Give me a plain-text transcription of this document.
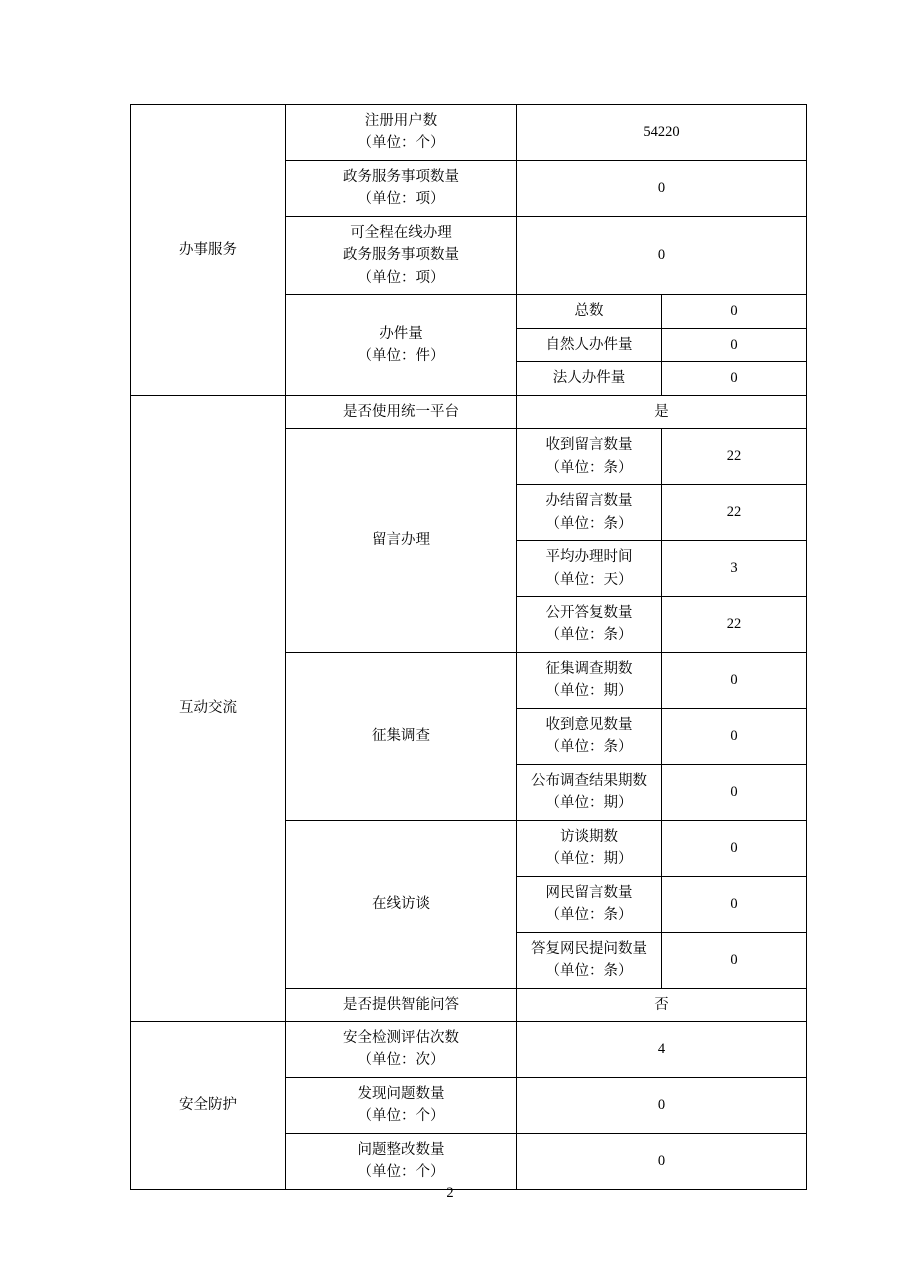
办事服务	注册用户数
（单位：个）	54220	

	政务服务事项数量
（单位：项）	0	

	可全程在线办理
政务服务事项数量
（单位：项）	0	

	办件量
（单位：件）	总数	0

		自然人办件量	0

		法人办件量	0

互动交流	是否使用统一平台	是	

	留言办理	收到留言数量
（单位：条）	22

		办结留言数量
（单位：条）	22

		平均办理时间
（单位：天）	3

		公开答复数量
（单位：条）	22

	征集调查	征集调查期数
（单位：期）	0

		收到意见数量
（单位：条）	0

		公布调查结果期数
（单位：期）	0

	在线访谈	访谈期数
（单位：期）	0

		网民留言数量
（单位：条）	0

		答复网民提问数量
（单位：条）	0

	是否提供智能问答	否	

安全防护	安全检测评估次数
（单位：次）	4	

	发现问题数量
（单位：个）	0	

	问题整改数量
（单位：个）	0	
2
